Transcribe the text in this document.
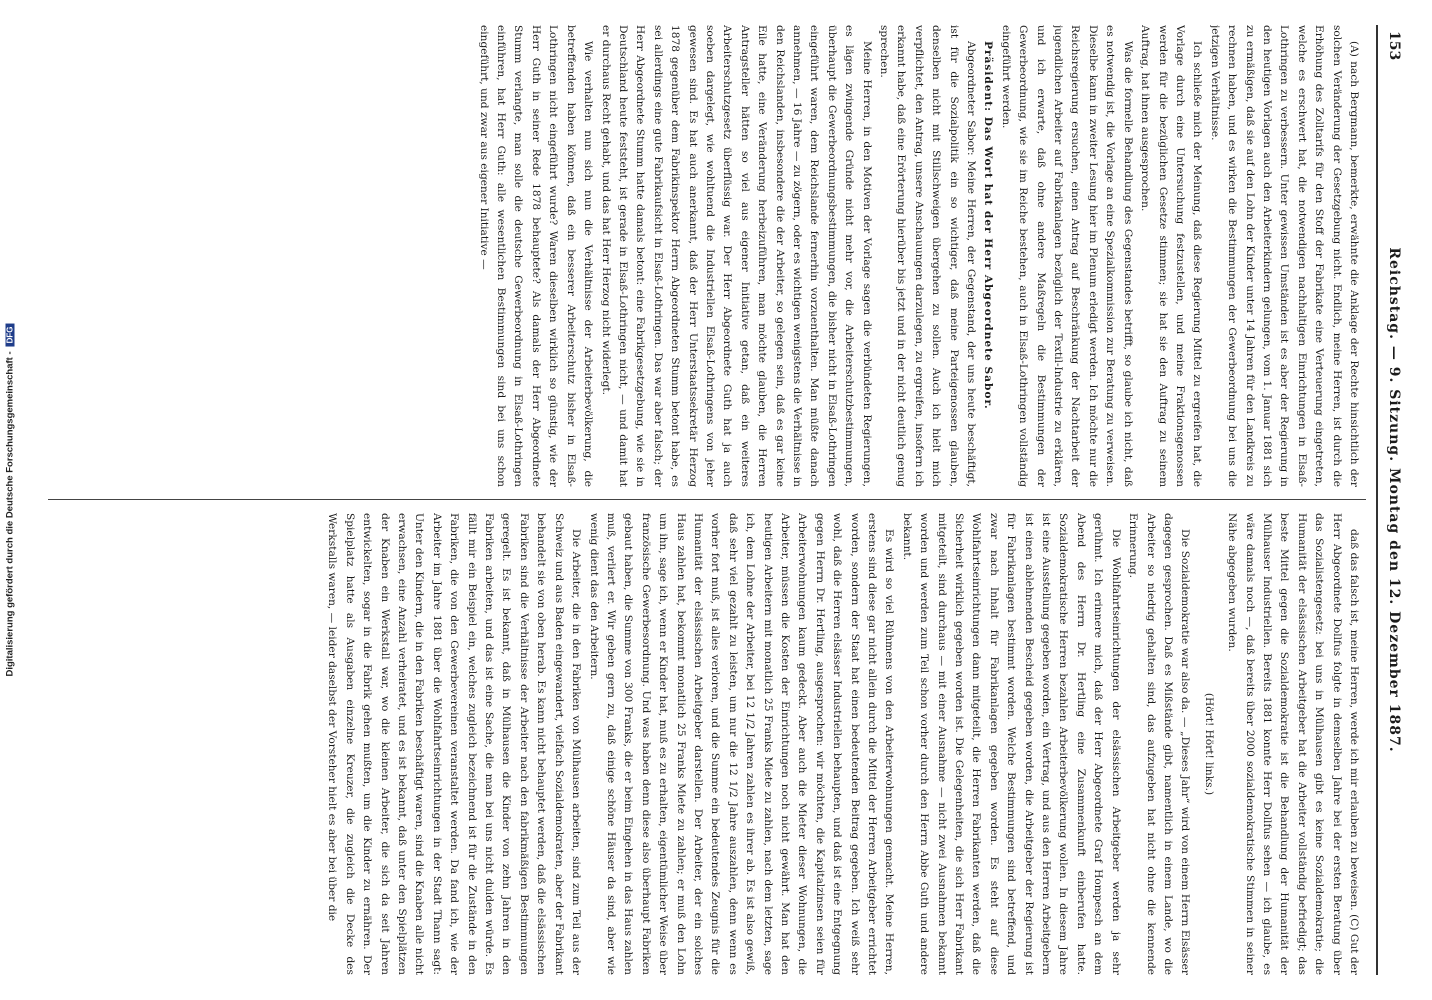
Digitalisierung gefördert durch die Deutsche Forschungsgemeinschaft -DFG
153
Reichstag. — 9. Sitzung. Montag den 12. Dezember 1887.

(A) nach Bergmann, bemerkte, erwähnte die Anklage der Rechte hinsichtlich der solchen Veränderung der Gesetzgebung nicht. Endlich, meine Herren, ist durch die Erhöhung des Zolltarifs für den Stoff der Fabrikate eine Verteuerung eingetreten, welche es erschwert hat, die notwendigen nachhaltigen Einrichtungen in Elsaß-Lothringen zu verbessern. Unter gewissen Umständen ist es aber der Regierung in den heutigen Vorlagen auch den Arbeiterkindern gelungen, vom 1. Januar 1881 sich zu ermäßigen, daß sie auf den Lohn der Kinder unter 14 Jahren für den Landkreis zu rechnen haben, und es wirken die Bestimmungen der Gewerbeordnung bei uns die jetzigen Verhältnisse.

Ich schließe mich der Meinung, daß diese Regierung Mittel zu ergreifen hat, die Vorlage durch eine Untersuchung festzustellen, und meine Fraktionsgenossen werden für die bezüglichen Gesetze stimmen; sie hat sie den Auftrag zu seinem Auftrag, hat ihnen ausgesprochen.

Was die formelle Behandlung des Gegenstandes betrifft, so glaube ich nicht, daß es notwendig ist, die Vorlage an eine Spezialkommission zur Beratung zu verweisen. Dieselbe kann in zweiter Lesung hier im Plenum erledigt werden. Ich möchte nur die Reichsregierung ersuchen, einen Antrag auf Beschränkung der Nachtarbeit der jugendlichen Arbeiter auf Fabrikanlagen bezüglich der Textil-Industrie zu erklären, und ich erwarte, daß ohne andere Maßregeln die Bestimmungen der Gewerbeordnung, wie sie im Reiche bestehen, auch in Elsaß-Lothringen vollständig eingeführt werden.

Präsident: Das Wort hat der Herr Abgeordnete Sabor.

Abgeordneter Sabor: Meine Herren, der Gegenstand, der uns heute beschäftigt, ist für die Sozialpolitik ein so wichtiger, daß meine Parteigenossen glauben, denselben nicht mit Stillschweigen übergehen zu sollen. Auch ich hielt mich verpflichtet, den Antrag, unsere Anschauungen darzulegen, zu ergreifen, insofern ich erkannt habe, daß eine Erörterung hierüber bis jetzt und in der nicht deutlich genug sprechen.

Meine Herren, in den Motiven der Vorlage sagen die verbündeten Regierungen, es lägen zwingende Gründe nicht mehr vor, die Arbeiterschutzbestimmungen, überhaupt die Gewerbeordnungsbestimmungen, die bisher nicht in Elsaß-Lothringen eingeführt waren, dem Reichslande fernerhin vorzuenthalten. Man müßte danach annehmen, — 16 Jahre — zu zögern, oder es wichtigen wenigstens die Verhältnisse in den Reichslanden, insbesondere die der Arbeiter, so gelegen sein, daß es gar keine Eile hatte, eine Veränderung herbeizuführen, man möchte glauben, die Herren Antragsteller hätten so viel aus eigener Initiative getan, daß ein weiteres Arbeiterschutzgesetz überflüssig war. Der Herr Abgeordnete Guth hat ja auch soeben dargelegt, wie wohltuend die Industriellen Elsaß-Lothringens von jeher gewesen sind. Es hat auch anerkannt, daß der Herr Unterstaatssekretär Herzog 1878 gegenüber dem Fabrikinspektor Herrn Abgeordneten Stumm betont habe, es sei allerdings eine gute Fabrikaufsicht in Elsaß-Lothringen. Das war aber falsch; der Herr Abgeordnete Stumm hatte damals betont: eine Fabrikgesetzgebung, wie sie in Deutschland heute feststeht, ist gerade in Elsaß-Lothringen nicht, — und damit hat er durchaus Recht gehabt, und das hat Herr Herzog nicht widerlegt.

Wie verhalten nun sich nun die Verhältnisse der Arbeiterbevölkerung, die betreffenden haben können, daß ein besserer Arbeiterschutz bisher in Elsaß-Lothringen nicht eingeführt wurde? Waren dieselben wirklich so günstig, wie der Herr Guth in seiner Rede 1878 behauptete? Als damals der Herr Abgeordnete Stumm verlangte, man solle die deutsche Gewerbeordnung in Elsaß-Lothringen einführen, hat Herr Guth: alle wesentlichen Bestimmungen sind bei uns schon eingeführt, und zwar aus eigener Initiative —

daß das falsch ist, meine Herren, werde ich mir erlauben zu beweisen. (C) Gut der Herr Abgeordnete Dollfus folgte in demselben Jahre bei der ersten Beratung über das Sozialistengesetz: bei uns in Mülhausen gibt es keine Sozialdemokratie; die Humanität der elsässischen Arbeitgeber hat die Arbeiter vollständig befriedigt; das beste Mittel gegen die Sozialdemokratie ist die Behandlung der Humanität der Mülhauser Industriellen. Bereits 1881 konnte Herr Dollfus sehen — ich glaube, es wäre damals noch —, daß bereits über 2000 sozialdemokratische Stimmen in seiner Nähe abgegeben wurden.

(Hört! Hört! links.)

Die Sozialdemokratie war also da. — „Dieses Jahr“ wird von einem Herrn Elsässer dagegen gesprochen. Daß es Mißstände gibt, namentlich in einem Lande, wo die Arbeiter so niedrig gehalten sind, das aufzugeben hat nicht ohne die kennende Erinnerung.

Die Wohlfahrtseinrichtungen der elsässischen Arbeitgeber werden ja sehr gerühmt. Ich erinnere mich, daß der Herr Abgeordnete Graf Hompesch an dem Abend des Herrn Dr. Hertling eine Zusammenkunft einberufen hatte. Sozialdemokratische Herren bezahlen Arbeiterbevölkerung wollen. In diesem Jahre ist eine Ausstellung gegeben worden, ein Vertrag, und aus den Herren Arbeitgebern ist einen ablehnenden Bescheid gegeben worden, die Arbeitgeber der Regierung ist für Fabrikanlagen bestimmt worden. Welche Bestimmungen sind betreffend, und zwar nach Inhalt für Fabrikanlagen gegeben worden. Es steht auf diese Wohlfahrtseinrichtungen dann mitgeteilt, die Herren Fabrikanten werden, daß die Sicherheit wirklich gegeben worden ist. Die Gelegenheiten, die sich Herr Fabrikant mitgeteilt, sind durchaus — mit einer Ausnahme — nicht zwei Ausnahmen bekannt worden und werden zum Teil schon vorher durch den Herrn Abbe Guth und andere bekannt.

Es wird so viel Rühmens von den Arbeiterwohnungen gemacht. Meine Herren, erstens sind diese gar nicht allein durch die Mittel der Herren Arbeitgeber errichtet worden, sondern der Staat hat einen bedeutenden Beitrag gegeben. Ich weiß sehr wohl, daß die Herren elsässer Industriellen behaupten, und daß ist eine Entgegnung gegen Herrn Dr. Hertling, ausgesprochen: wir möchten, die Kapitalzinsen seien für Arbeiterwohnungen kaum gedeckt. Aber auch die Mieter dieser Wohnungen, die Arbeiter, müssen die Kosten der Einrichtungen noch nicht gewährt. Man hat den heutigen Arbeitern mit monatlich 25 Franks Miete zu zahlen, nach dem letzten, sage ich, dem Lohne der Arbeiter, bei 12 1/2 Jahren zahlen es ihrer ab. Es ist also gewiß, daß sehr viel gezahlt zu leisten, um nur die 12 1/2 Jahre auszahlen, denn wenn es vorher fort muß, ist alles verloren, und die Summe ein bedeutendes Zeugnis für die Humanität der elsässischen Arbeitgeber darstellen. Der Arbeiter, der ein solches Haus zahlen hat, bekommt monatlich 25 Franks Miete zu zahlen; er muß den Lohn um ihn, sage ich, wenn er Kinder hat, muß es zu erhalten, eigentümlicher Weise über französische Gewerbesordnung. Und was haben denn diese also überhaupt Fabriken gebaut haben, die Summe von 300 Franks, die er beim Eingehen in das Haus zahlen muß, verliert er. Wir geben gern zu, daß einige schöne Häuser da sind, aber wie wenig dient das den Arbeitern.

Die Arbeiter, die in den Fabriken von Mülhausen arbeiten, sind zum Teil aus der Schweiz und aus Baden eingewandert, vielfach Sozialdemokraten, aber der Fabrikant behandelt sie von oben herab. Es kann nicht behauptet werden, daß die elsässischen Fabriken sind die Verhältnisse der Arbeiter nach den fabrikmäßigen Bestimmungen geregelt. Es ist bekannt, daß in Mülhausen die Kinder von zehn Jahren in den Fabriken arbeiten, und das ist eine Sache, die man bei uns nicht dulden würde. Es fällt mir ein Beispiel ein, welches zugleich bezeichnend ist für die Zustände in den Fabriken, die von den Gewerbevereinen veranstaltet werden. Da fand ich, wie der Arbeiter im Jahre 1881 über die Wohlfahrtseinrichtungen in der Stadt Thann sagt: Unter den Kindern, die in den Fabriken beschäftigt waren, sind die Knaben alle nicht erwachsen, eine Anzahl verheiratet, und es ist bekannt, daß unter den Spielplätzen der Knaben ein Werkstall war, wo die kleinen Arbeiter, die sich da seit Jahren entwickelten, sogar in die Fabrik gehen mußten, um die Kinder zu ernähren. Der Spielplatz hatte als Ausgaben einzelne Kreuzer, die zugleich die Decke des Werkstalls waren, — leider daselbst der Vorsteher hielt es aber bei über die
